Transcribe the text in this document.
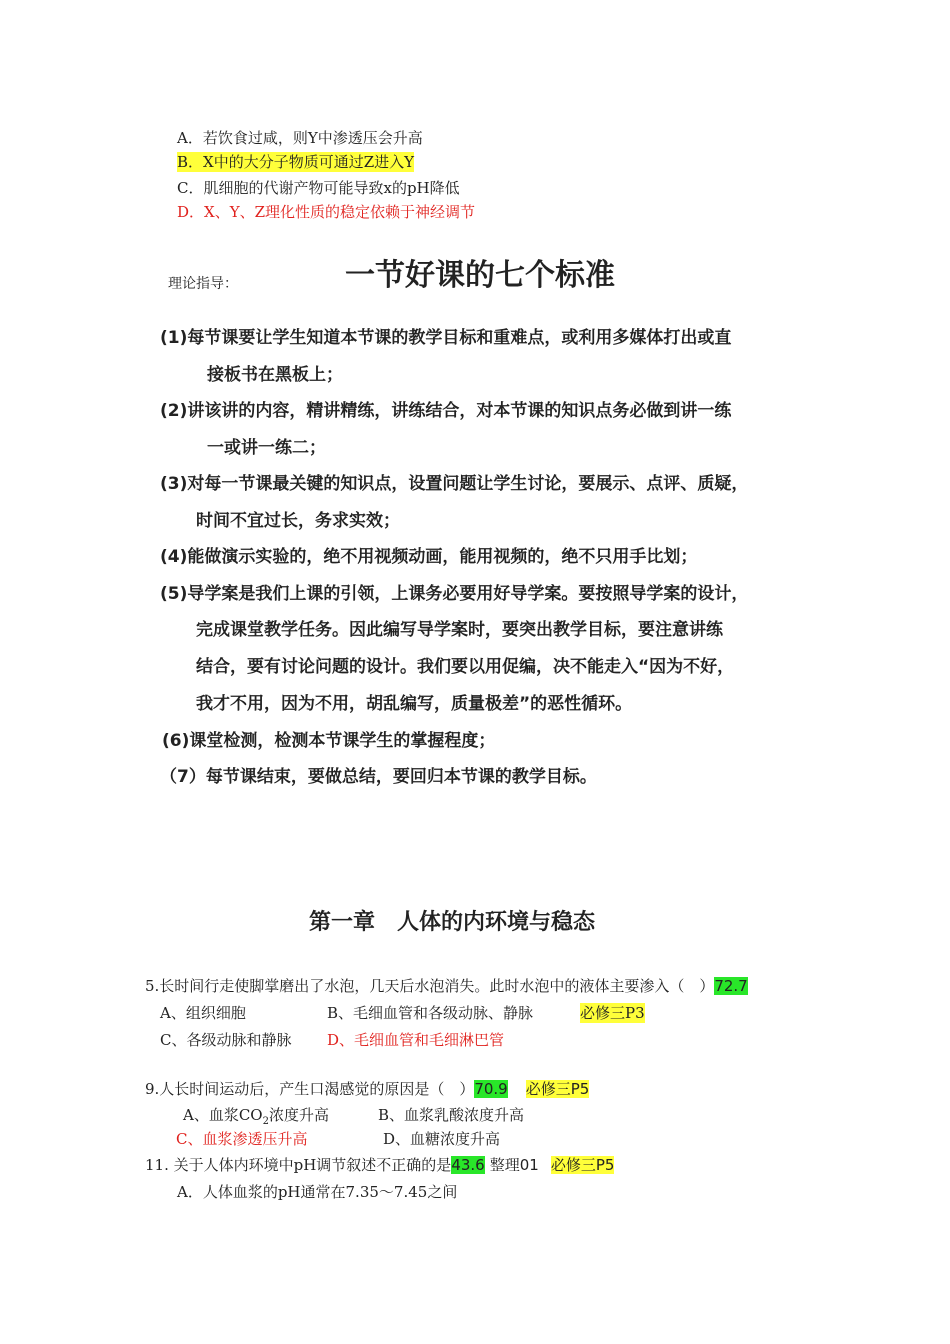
A．若饮食过咸，则Y中渗透压会升高
B．X中的大分子物质可通过Z进入Y
C．肌细胞的代谢产物可能导致x的pH降低
D．X、Y、Z理化性质的稳定依赖于神经调节
理论指导：	一节好课的七个标准
(1)每节课要让学生知道本节课的教学目标和重难点，或利用多媒体打出或直
接板书在黑板上；
(2)讲该讲的内容，精讲精练，讲练结合，对本节课的知识点务必做到讲一练
一或讲一练二；
(3)对每一节课最关键的知识点，设置问题让学生讨论，要展示、点评、质疑，
时间不宜过长，务求实效；
(4)能做演示实验的，绝不用视频动画，能用视频的，绝不只用手比划；
(5)导学案是我们上课的引领，上课务必要用好导学案。要按照导学案的设计，
完成课堂教学任务。因此编写导学案时，要突出教学目标，要注意讲练
结合，要有讨论问题的设计。我们要以用促编，决不能走入“因为不好，
我才不用，因为不用，胡乱编写，质量极差”的恶性循环。
(6)课堂检测，检测本节课学生的掌握程度；
（7）每节课结束，要做总结，要回归本节课的教学目标。
第一章　人体的内环境与稳态
5.长时间行走使脚掌磨出了水泡，几天后水泡消失。此时水泡中的液体主要渗入（　）72.7
A、组织细胞	B、毛细血管和各级动脉、静脉	必修三P3
C、各级动脉和静脉 D、毛细血管和毛细淋巴管
9.人长时间运动后，产生口渴感觉的原因是（　）70.9 必修三P5
A、血浆$CO_2$浓度升高	B、血浆乳酸浓度升高
C、血浆渗透压升高	D、血糖浓度升高
11. 关于人体内环境中pH调节叙述不正确的是43.6 整理01 必修三P5
A．人体血浆的pH通常在7.35～7.45之间
